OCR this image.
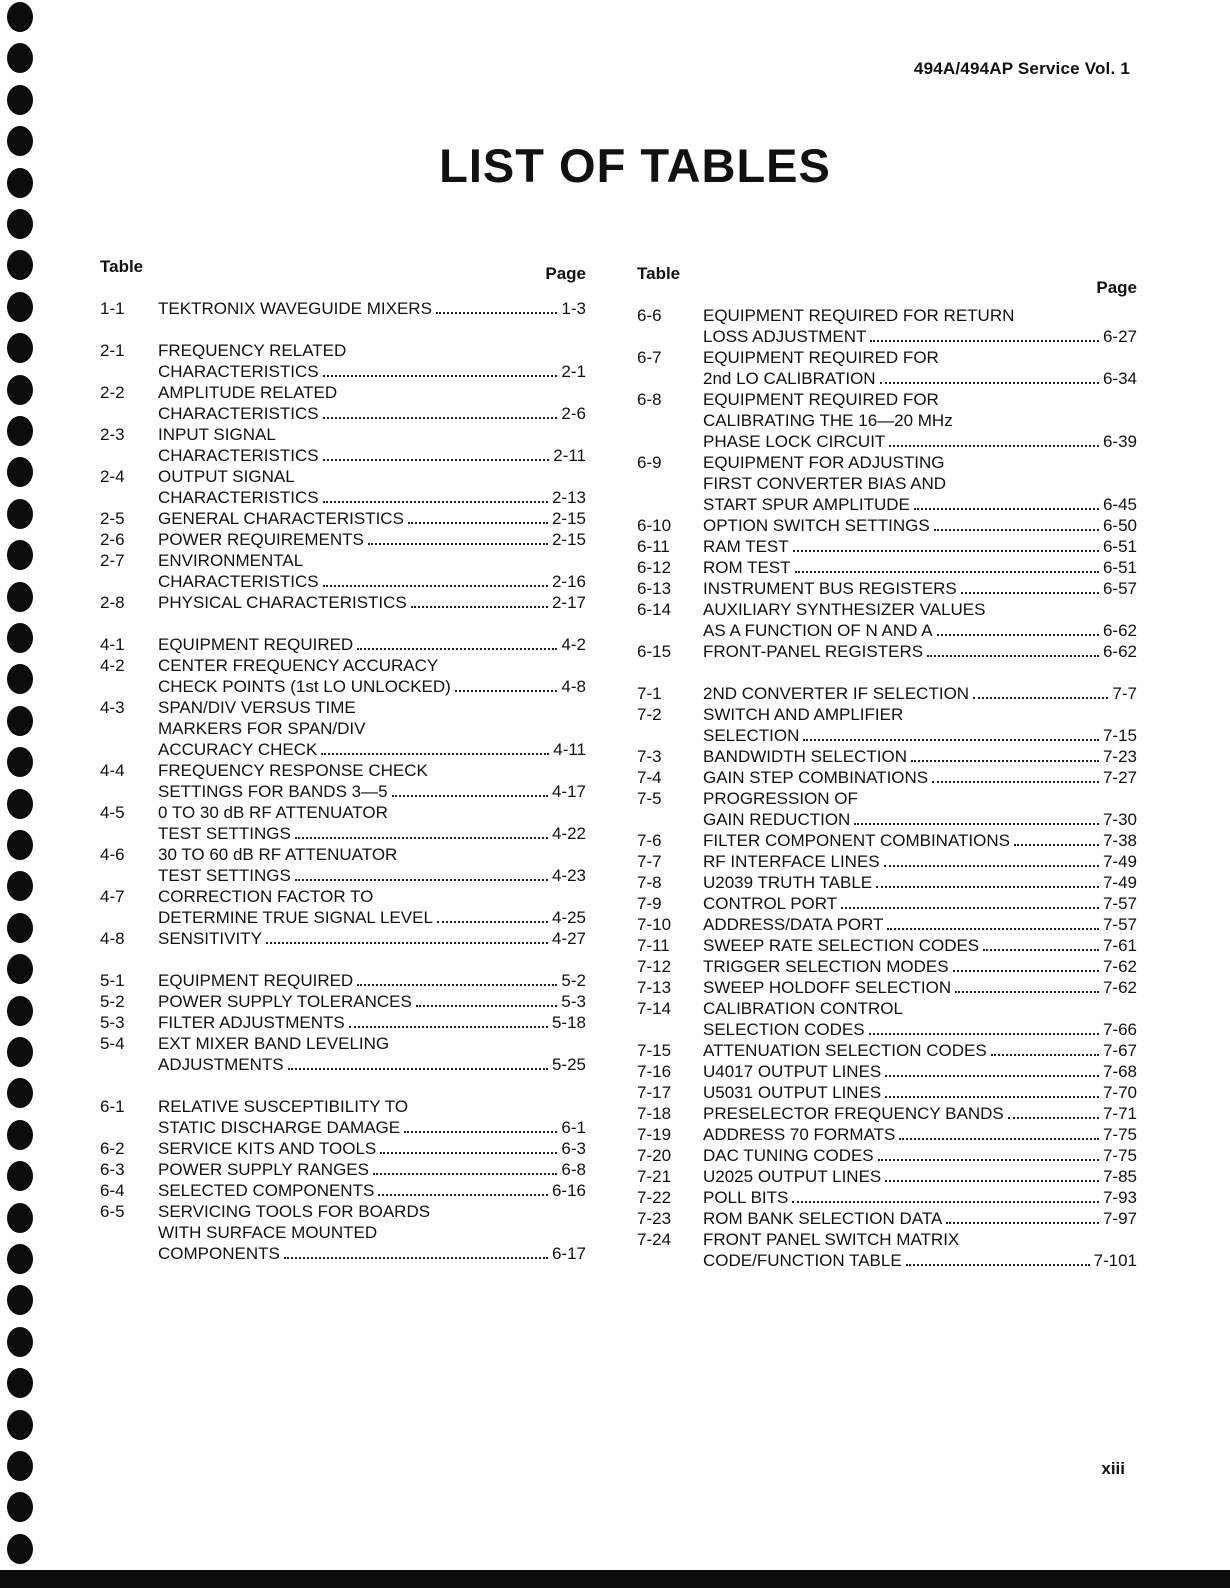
494A/494AP Service Vol. 1
LIST OF TABLES
Table	Page
1-1 TEKTRONIX WAVEGUIDE MIXERS	1-3
2-1 FREQUENCY RELATED
CHARACTERISTICS	2-1
2-2 AMPLITUDE RELATED
CHARACTERISTICS	2-6
2-3 INPUT SIGNAL
CHARACTERISTICS	2-11
2-4 OUTPUT SIGNAL
CHARACTERISTICS	2-13
2-5 GENERAL CHARACTERISTICS	2-15
2-6 POWER REQUIREMENTS	2-15
2-7 ENVIRONMENTAL
CHARACTERISTICS	2-16
2-8 PHYSICAL CHARACTERISTICS	2-17
4-1 EQUIPMENT REQUIRED	4-2
4-2 CENTER FREQUENCY ACCURACY
CHECK POINTS (1st LO UNLOCKED)	4-8
4-3 SPAN/DIV VERSUS TIME
MARKERS FOR SPAN/DIV
ACCURACY CHECK	4-11
4-4 FREQUENCY RESPONSE CHECK
SETTINGS FOR BANDS 3—5	4-17
4-5 0 TO 30 dB RF ATTENUATOR
TEST SETTINGS	4-22
4-6 30 TO 60 dB RF ATTENUATOR
TEST SETTINGS	4-23
4-7 CORRECTION FACTOR TO
DETERMINE TRUE SIGNAL LEVEL	4-25
4-8 SENSITIVITY	4-27
5-1 EQUIPMENT REQUIRED	5-2
5-2 POWER SUPPLY TOLERANCES	5-3
5-3 FILTER ADJUSTMENTS	5-18
5-4 EXT MIXER BAND LEVELING
ADJUSTMENTS	5-25
6-1 RELATIVE SUSCEPTIBILITY TO
STATIC DISCHARGE DAMAGE	6-1
6-2 SERVICE KITS AND TOOLS	6-3
6-3 POWER SUPPLY RANGES	6-8
6-4 SELECTED COMPONENTS	6-16
6-5 SERVICING TOOLS FOR BOARDS
WITH SURFACE MOUNTED
COMPONENTS	6-17
Table
Page
6-6 EQUIPMENT REQUIRED FOR RETURN
LOSS ADJUSTMENT	6-27
6-7 EQUIPMENT REQUIRED FOR
2nd LO CALIBRATION	6-34
6-8 EQUIPMENT REQUIRED FOR
CALIBRATING THE 16—20 MHz
PHASE LOCK CIRCUIT	6-39
6-9 EQUIPMENT FOR ADJUSTING
FIRST CONVERTER BIAS AND
START SPUR AMPLITUDE	6-45
6-10 OPTION SWITCH SETTINGS	6-50
6-11 RAM TEST	6-51
6-12 ROM TEST	6-51
6-13 INSTRUMENT BUS REGISTERS	6-57
6-14 AUXILIARY SYNTHESIZER VALUES
AS A FUNCTION OF N AND A	6-62
6-15 FRONT-PANEL REGISTERS	6-62
7-1 2ND CONVERTER IF SELECTION	7-7
7-2 SWITCH AND AMPLIFIER
SELECTION	7-15
7-3 BANDWIDTH SELECTION	7-23
7-4 GAIN STEP COMBINATIONS	7-27
7-5 PROGRESSION OF
GAIN REDUCTION	7-30
7-6 FILTER COMPONENT COMBINATIONS	7-38
7-7 RF INTERFACE LINES	7-49
7-8 U2039 TRUTH TABLE	7-49
7-9 CONTROL PORT	7-57
7-10 ADDRESS/DATA PORT	7-57
7-11 SWEEP RATE SELECTION CODES	7-61
7-12 TRIGGER SELECTION MODES	7-62
7-13 SWEEP HOLDOFF SELECTION	7-62
7-14 CALIBRATION CONTROL
SELECTION CODES	7-66
7-15 ATTENUATION SELECTION CODES	7-67
7-16 U4017 OUTPUT LINES	7-68
7-17 U5031 OUTPUT LINES	7-70
7-18 PRESELECTOR FREQUENCY BANDS	7-71
7-19 ADDRESS 70 FORMATS	7-75
7-20 DAC TUNING CODES	7-75
7-21 U2025 OUTPUT LINES	7-85
7-22 POLL BITS	7-93
7-23 ROM BANK SELECTION DATA	7-97
7-24 FRONT PANEL SWITCH MATRIX
CODE/FUNCTION TABLE	7-101
xiii
